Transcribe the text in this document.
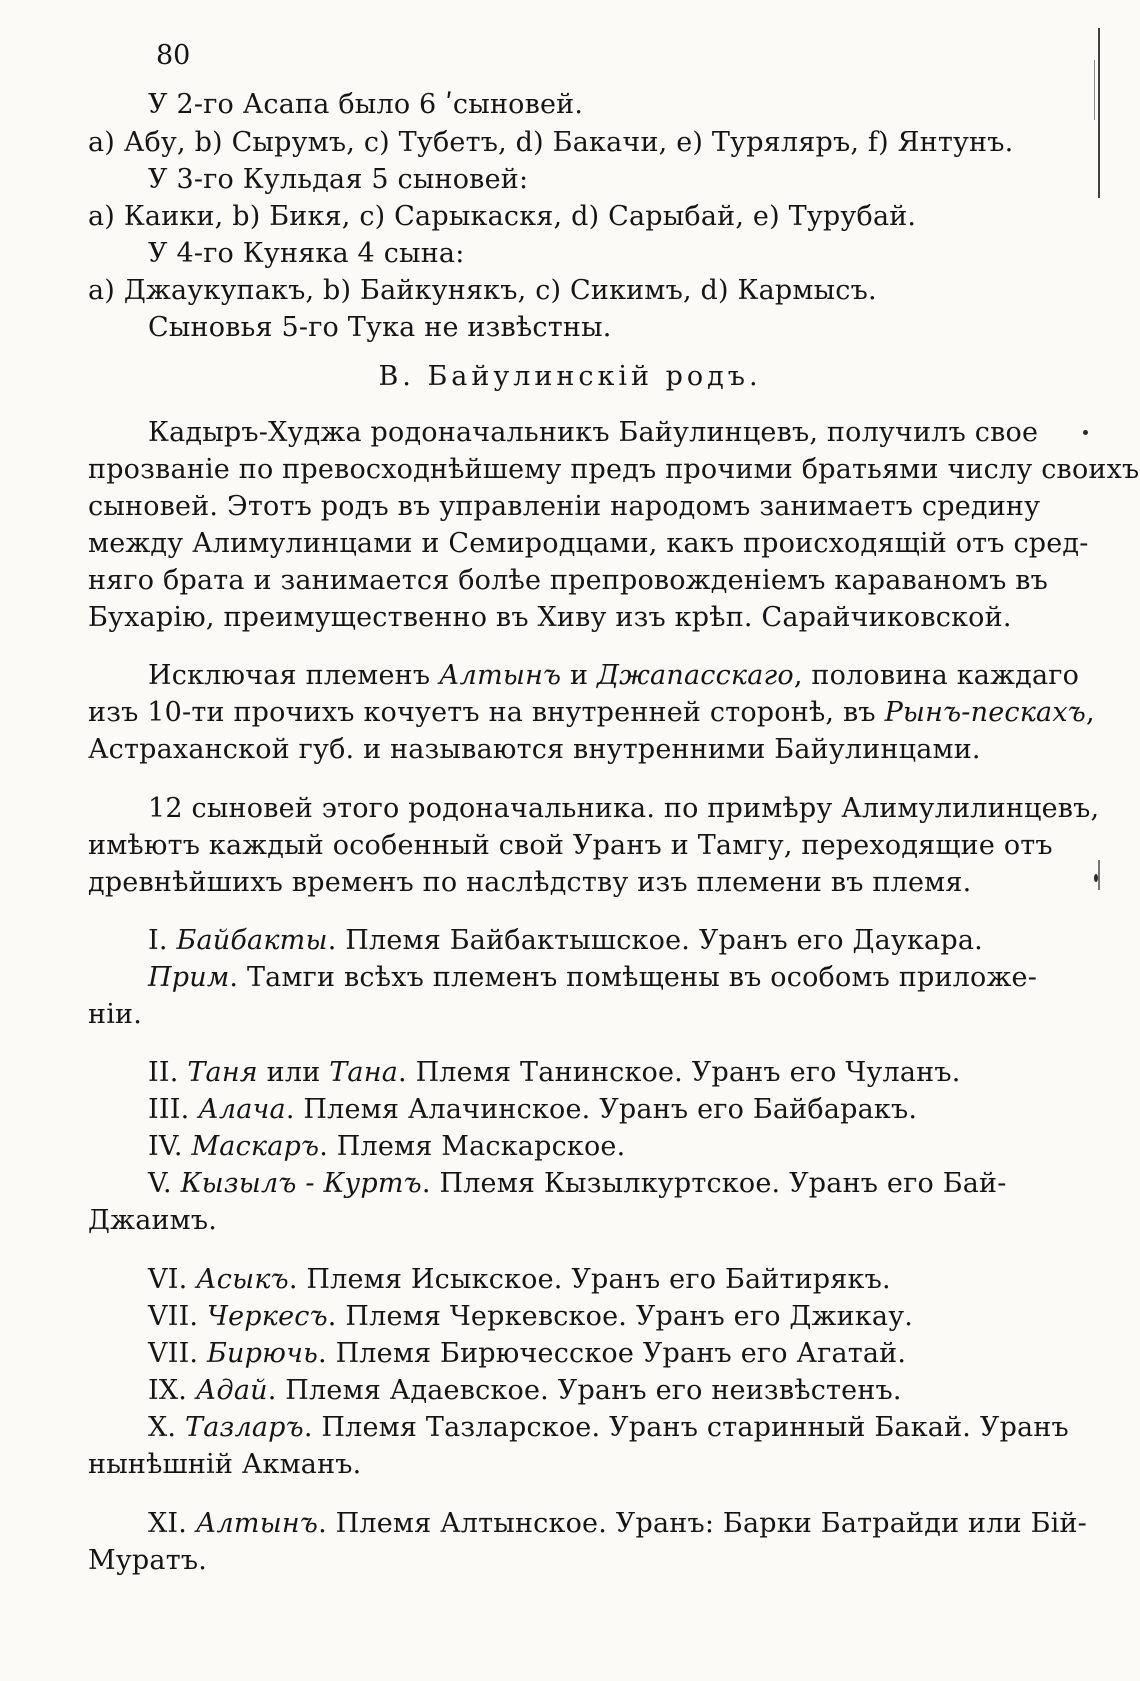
80
У 2-го Асапа было 6 ʹсыновей.
a) Абу, b) Сырумъ, c) Тубетъ, d) Бакачи, e) Туряляръ, f) Янтунъ.
У 3-го Кульдая 5 сыновей:
a) Каики, b) Бикя, c) Сарыкаскя, d) Сарыбай, e) Турубай.
У 4-го Куняка 4 сына:
a) Джаукупакъ, b) Байкунякъ, c) Сикимъ, d) Кармысъ.
Сыновья 5-го Тука не извѣстны.
В. Байулинскій родъ.
Кадыръ-Худжа родоначальникъ Байулинцевъ, получилъ свое
прозванiе по превосходнѣйшему предъ прочими братьями числу своихъ
сыновей. Этотъ родъ въ управленiи народомъ занимаетъ средину
между Алимулинцами и Семиродцами, какъ происходящiй отъ сред-
няго брата и занимается болѣе препровожденiемъ караваномъ въ
Бухарiю, преимущественно въ Хиву изъ крѣп. Сарайчиковской.
Исключая племенъ Алтынъ и Джапасскаго, половина каждаго
изъ 10-ти прочихъ кочуетъ на внутренней сторонѣ, въ Рынъ-пескахъ,
Астраханской губ. и называются внутренними Байулинцами.
12 сыновей этого родоначальника. по примѣру Алимулилинцевъ,
имѣютъ каждый особенный свой Уранъ и Тамгу, переходящие отъ
древнѣйшихъ временъ по наслѣдству изъ племени въ племя.
I. Байбакты. Племя Байбактышское. Уранъ его Даукара.
Прим. Тамги всѣхъ племенъ помѣщены въ особомъ приложе-
нiи.
II. Таня или Тана. Племя Танинское. Уранъ его Чуланъ.
III. Алача. Племя Алачинское. Уранъ его Байбаракъ.
IV. Маскаръ. Племя Маскарское.
V. Кызылъ - Куртъ. Племя Кызылкуртское. Уранъ его Бай-
Джаимъ.
VI. Асыкъ. Племя Исыкское. Уранъ его Байтирякъ.
VII. Черкесъ. Племя Черкевское. Уранъ его Джикау.
VII. Бирючь. Племя Бирючесское Уранъ его Агатай.
IX. Адай. Племя Адаевское. Уранъ его неизвѣстенъ.
X. Тазларъ. Племя Тазларское. Уранъ старинный Бакай. Уранъ
нынѣшнiй Акманъ.
XI. Алтынъ. Племя Алтынское. Уранъ: Барки Батрайди или Бiй-
Муратъ.
